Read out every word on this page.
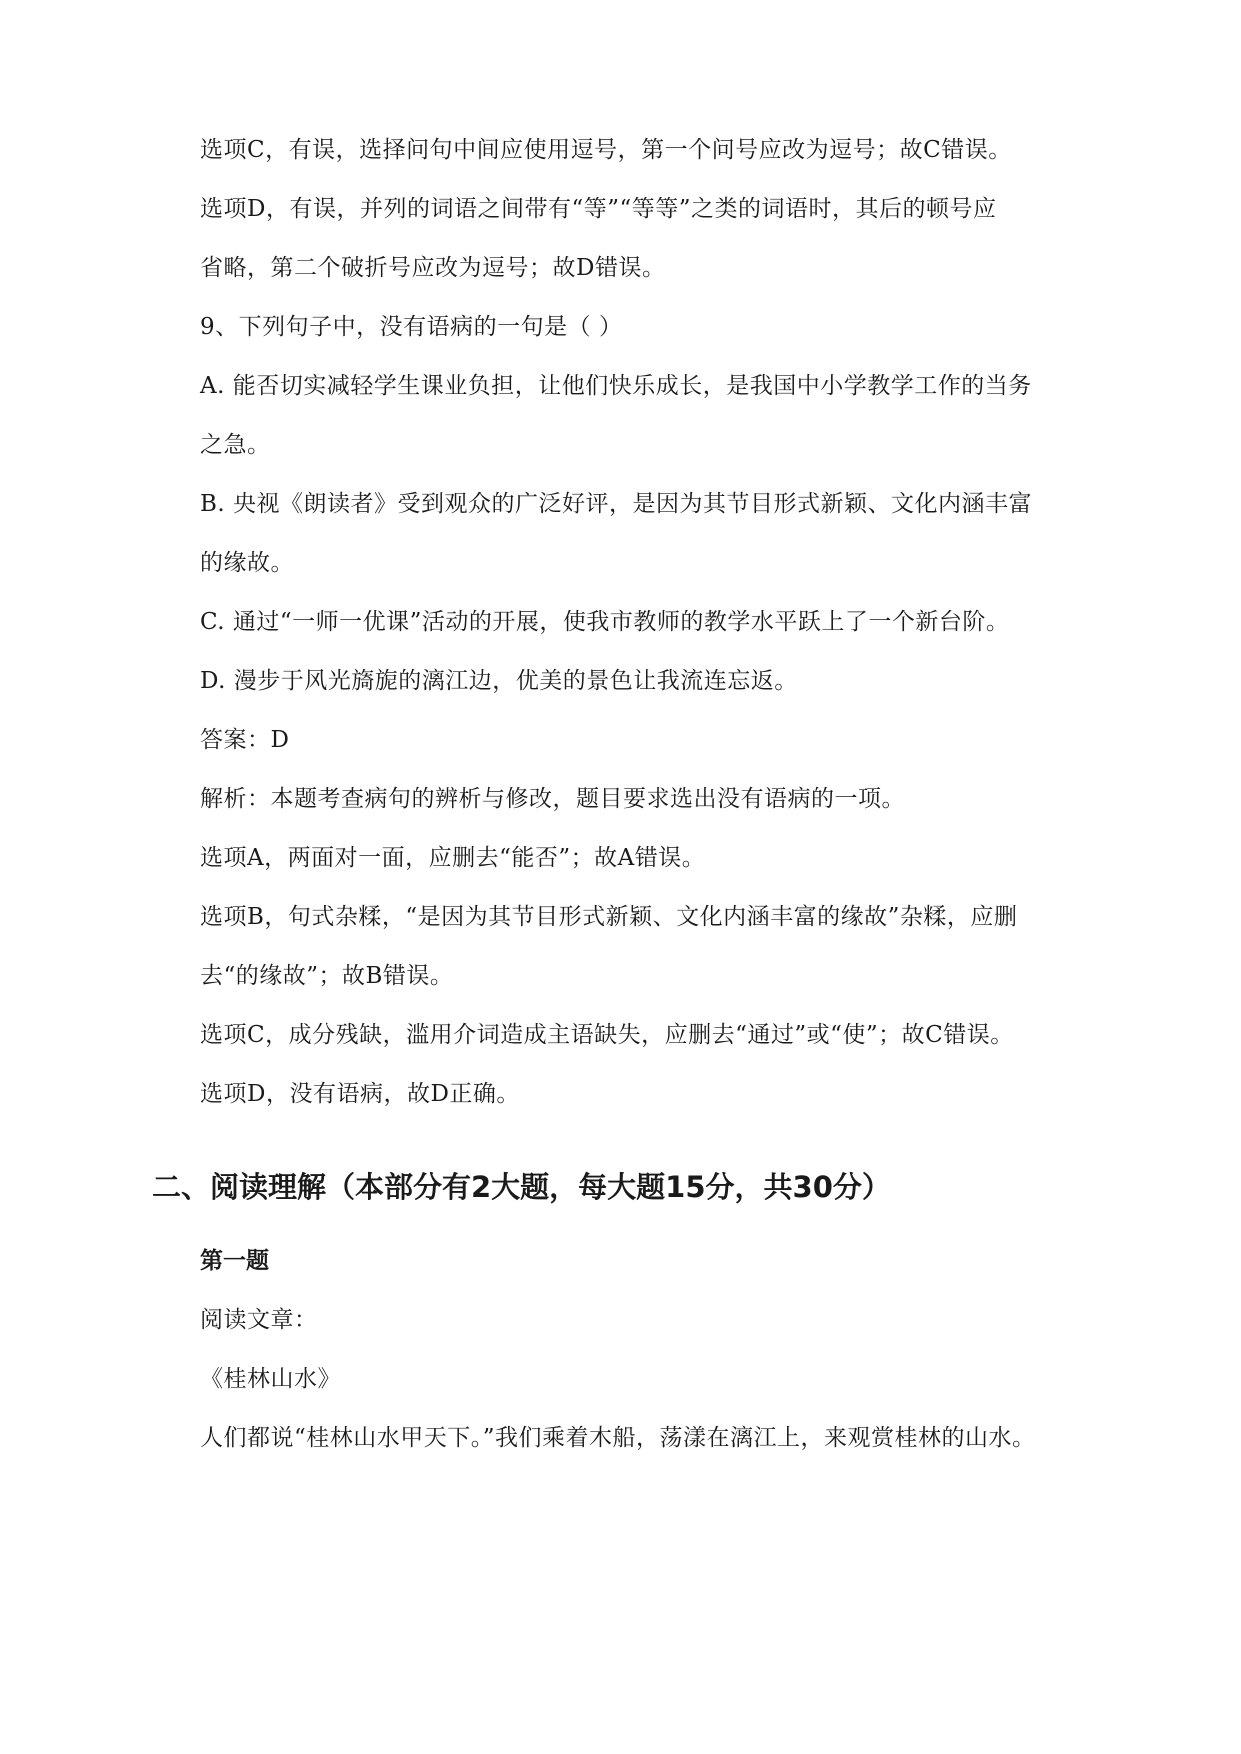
选项C，有误，选择问句中间应使用逗号，第一个问号应改为逗号；故C错误。
选项D，有误，并列的词语之间带有“等”“等等”之类的词语时，其后的顿号应
省略，第二个破折号应改为逗号；故D错误。
9、下列句子中，没有语病的一句是（ ）
A. 能否切实减轻学生课业负担，让他们快乐成长，是我国中小学教学工作的当务
之急。
B. 央视《朗读者》受到观众的广泛好评，是因为其节目形式新颖、文化内涵丰富
的缘故。
C. 通过“一师一优课”活动的开展，使我市教师的教学水平跃上了一个新台阶。
D. 漫步于风光旖旎的漓江边，优美的景色让我流连忘返。
答案：D
解析：本题考查病句的辨析与修改，题目要求选出没有语病的一项。
选项A，两面对一面，应删去“能否”；故A错误。
选项B，句式杂糅，“是因为其节目形式新颖、文化内涵丰富的缘故”杂糅，应删
去“的缘故”；故B错误。
选项C，成分残缺，滥用介词造成主语缺失，应删去“通过”或“使”；故C错误。
选项D，没有语病，故D正确。
二、阅读理解（本部分有2大题，每大题15分，共30分）
第一题
阅读文章：
《桂林山水》
人们都说“桂林山水甲天下。”我们乘着木船，荡漾在漓江上，来观赏桂林的山水。
